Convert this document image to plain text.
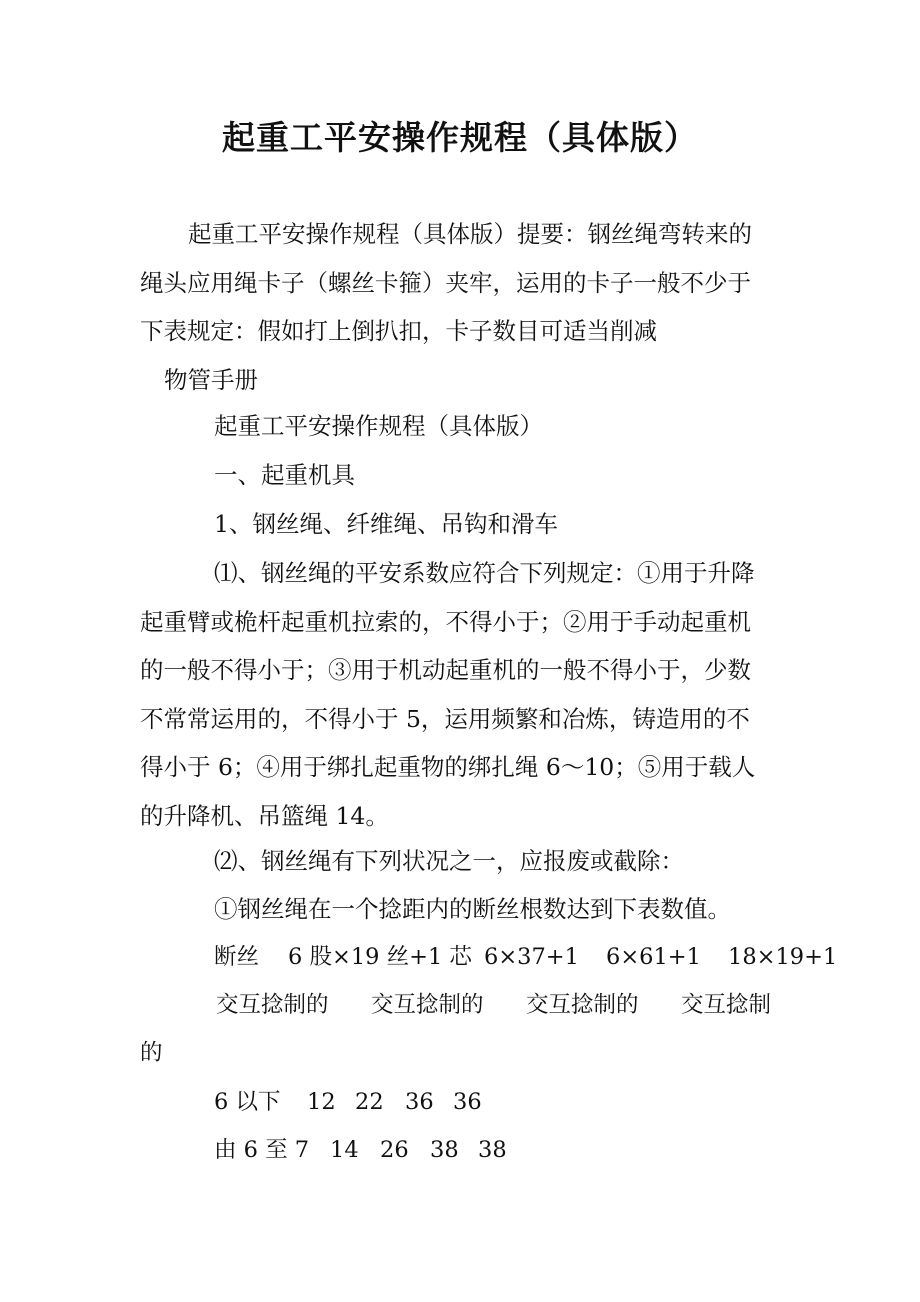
起重工平安操作规程（具体版）
起重工平安操作规程（具体版）提要：钢丝绳弯转来的
绳头应用绳卡子（螺丝卡箍）夹牢，运用的卡子一般不少于
下表规定：假如打上倒扒扣，卡子数目可适当削减
物管手册
起重工平安操作规程（具体版）
一、起重机具
1、钢丝绳、纤维绳、吊钩和滑车
⑴、钢丝绳的平安系数应符合下列规定：①用于升降
起重臂或桅杆起重机拉索的，不得小于；②用于手动起重机
的一般不得小于；③用于机动起重机的一般不得小于，少数
不常常运用的，不得小于 5，运用频繁和冶炼，铸造用的不
得小于 6；④用于绑扎起重物的绑扎绳 6～10；⑤用于载人
的升降机、吊篮绳 14。
⑵、钢丝绳有下列状况之一，应报废或截除：
①钢丝绳在一个捻距内的断丝根数达到下表数值。
断丝 6 股×19 丝+1 芯 6×37+1 6×61+1 18×19+1
交互捻制的 交互捻制的 交互捻制的 交互捻制
的
6 以下 12 22 36 36
由 6 至 7 14 26 38 38
